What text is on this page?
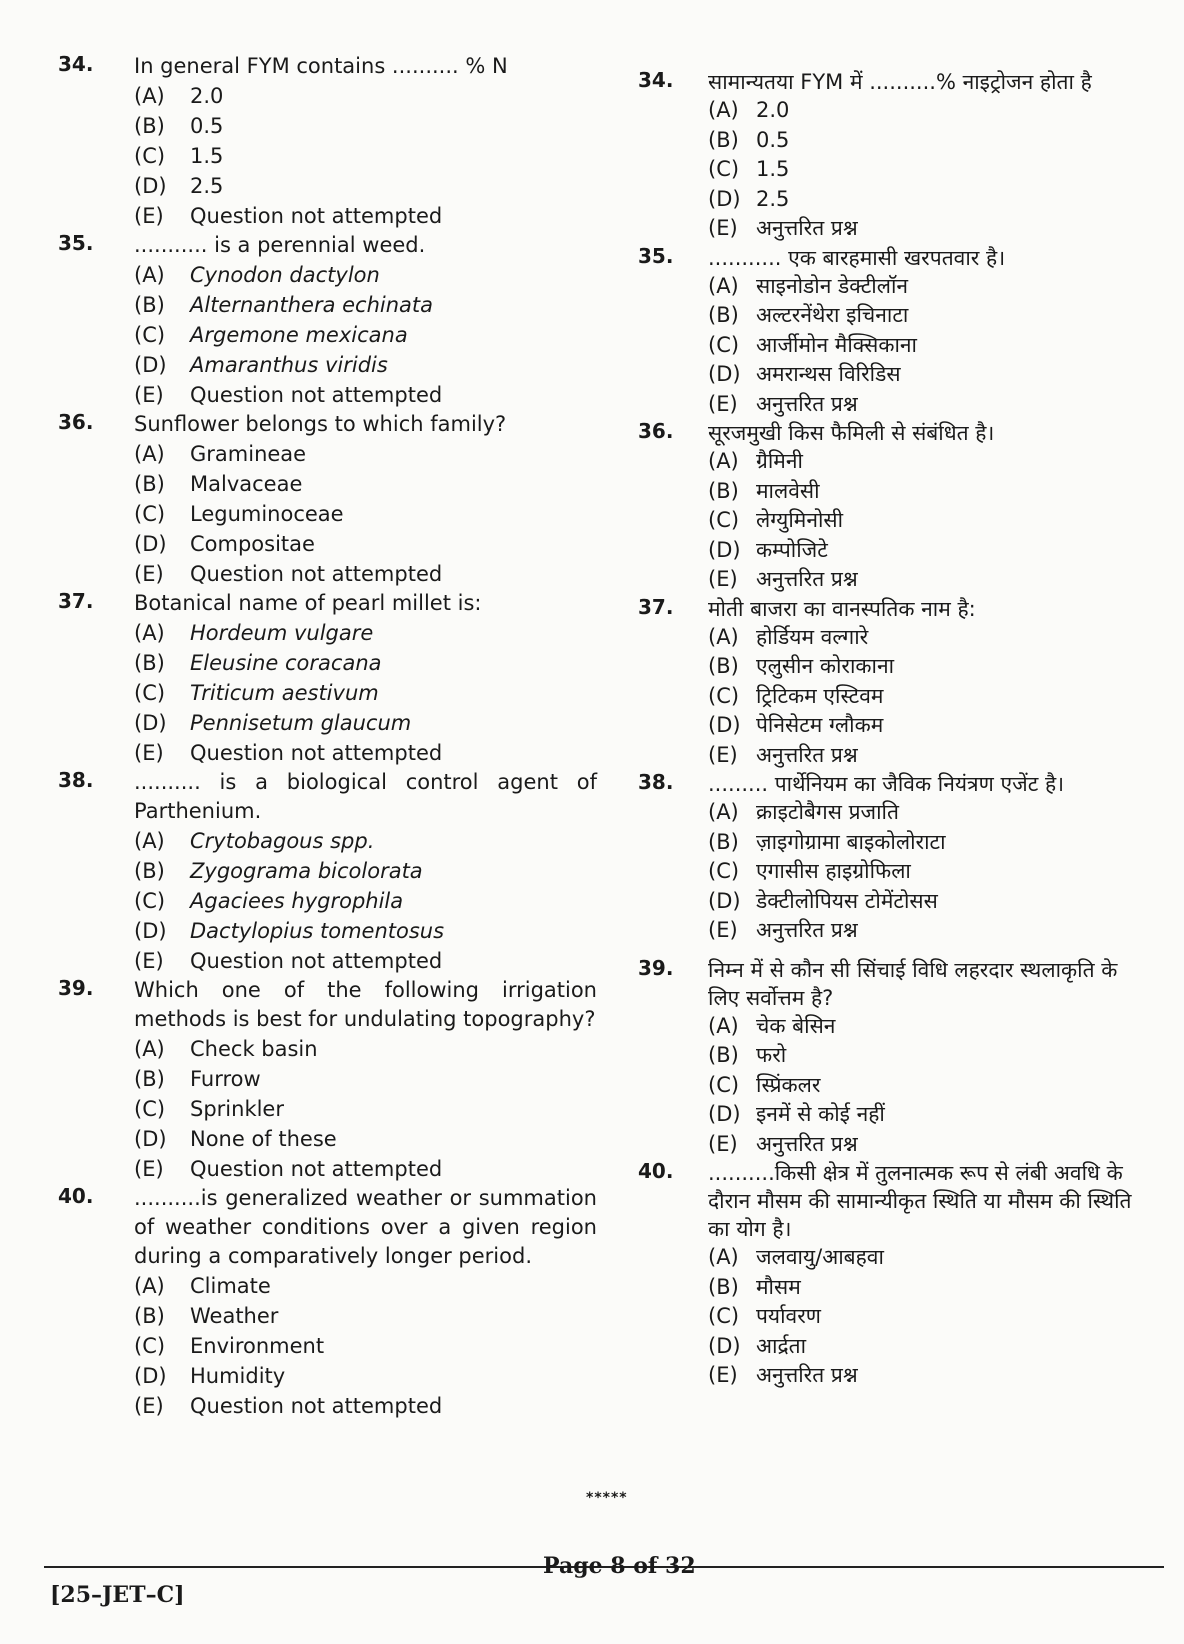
34. In general FYM contains .......... % N
(A)	2.0
(B)	0.5
(C)	1.5
(D)	2.5
(E)	Question not attempted
35. ........... is a perennial weed.
(A)	Cynodon dactylon
(B)	Alternanthera echinata
(C)	Argemone mexicana
(D)	Amaranthus viridis
(E)	Question not attempted
36. Sunflower belongs to which family?
(A)	Gramineae
(B)	Malvaceae
(C)	Leguminoceae
(D)	Compositae
(E)	Question not attempted
37. Botanical name of pearl millet is:
(A)	Hordeum vulgare
(B)	Eleusine coracana
(C)	Triticum aestivum
(D)	Pennisetum glaucum
(E)	Question not attempted
38. .......... is a biological control agent of Parthenium.
(A)	Crytobagous spp.
(B)	Zygograma bicolorata
(C)	Agaciees hygrophila
(D)	Dactylopius tomentosus
(E)	Question not attempted
39. Which one of the following irrigation methods is best for undulating topography?
(A)	Check basin
(B)	Furrow
(C)	Sprinkler
(D)	None of these
(E)	Question not attempted
40. ..........is generalized weather or summation of weather conditions over a given region during a comparatively longer period.
(A)	Climate
(B)	Weather
(C)	Environment
(D)	Humidity
(E)	Question not attempted
34. सामान्यतया FYM में ..........% नाइट्रोजन होता है
(A) 2.0
(B) 0.5
(C) 1.5
(D) 2.5
(E) अनुत्तरित प्रश्न
35. ........... एक बारहमासी खरपतवार है।
(A) साइनोडोन डेक्टीलॉन
(B) अल्टरनेंथेरा इचिनाटा
(C) आर्जीमोन मैक्सिकाना
(D) अमरान्थस विरिडिस
(E) अनुत्तरित प्रश्न
36. सूरजमुखी किस फैमिली से संबंधित है।
(A) ग्रैमिनी
(B) मालवेसी
(C) लेग्युमिनोसी
(D) कम्पोजिटे
(E) अनुत्तरित प्रश्न
37. मोती बाजरा का वानस्पतिक नाम है:
(A) होर्डियम वल्गारे
(B) एलुसीन कोराकाना
(C) ट्रिटिकम एस्टिवम
(D) पेनिसेटम ग्लौकम
(E) अनुत्तरित प्रश्न
38. ......... पार्थेनियम का जैविक नियंत्रण एजेंट है।
(A) क्राइटोबैगस प्रजाति
(B) ज़ाइगोग्रामा बाइकोलोराटा
(C) एगासीस हाइग्रोफिला
(D) डेक्टीलोपियस टोमेंटोसस
(E) अनुत्तरित प्रश्न
39. निम्न में से कौन सी सिंचाई विधि लहरदार स्थलाकृति के लिए सर्वोत्तम है?
(A) चेक बेसिन
(B) फरो
(C) स्प्रिंकलर
(D) इनमें से कोई नहीं
(E) अनुत्तरित प्रश्न
40. ..........किसी क्षेत्र में तुलनात्मक रूप से लंबी अवधि के दौरान मौसम की सामान्यीकृत स्थिति या मौसम की स्थिति का योग है।
(A) जलवायु/आबहवा
(B) मौसम
(C) पर्यावरण
(D) आर्द्रता
(E) अनुत्तरित प्रश्न
*****
Page 8 of 32
[25–JET–C]
